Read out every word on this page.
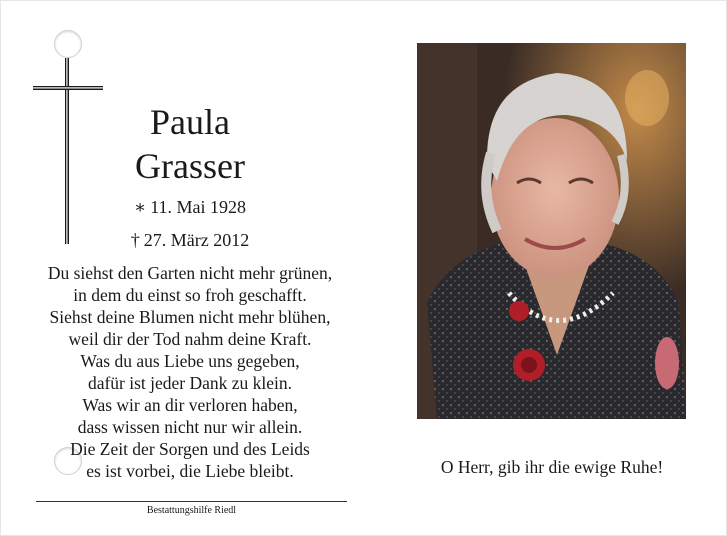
Paula
Grasser
∗ 11. Mai 1928
† 27. März 2012
Du siehst den Garten nicht mehr grünen,
in dem du einst so froh geschafft.
Siehst deine Blumen nicht mehr blühen,
weil dir der Tod nahm deine Kraft.
Was du aus Liebe uns gegeben,
dafür ist jeder Dank zu klein.
Was wir an dir verloren haben,
dass wissen nicht nur wir allein.
Die Zeit der Sorgen und des Leids
es ist vorbei, die Liebe bleibt.
Bestattungshilfe Riedl
O Herr, gib ihr die ewige Ruhe!
